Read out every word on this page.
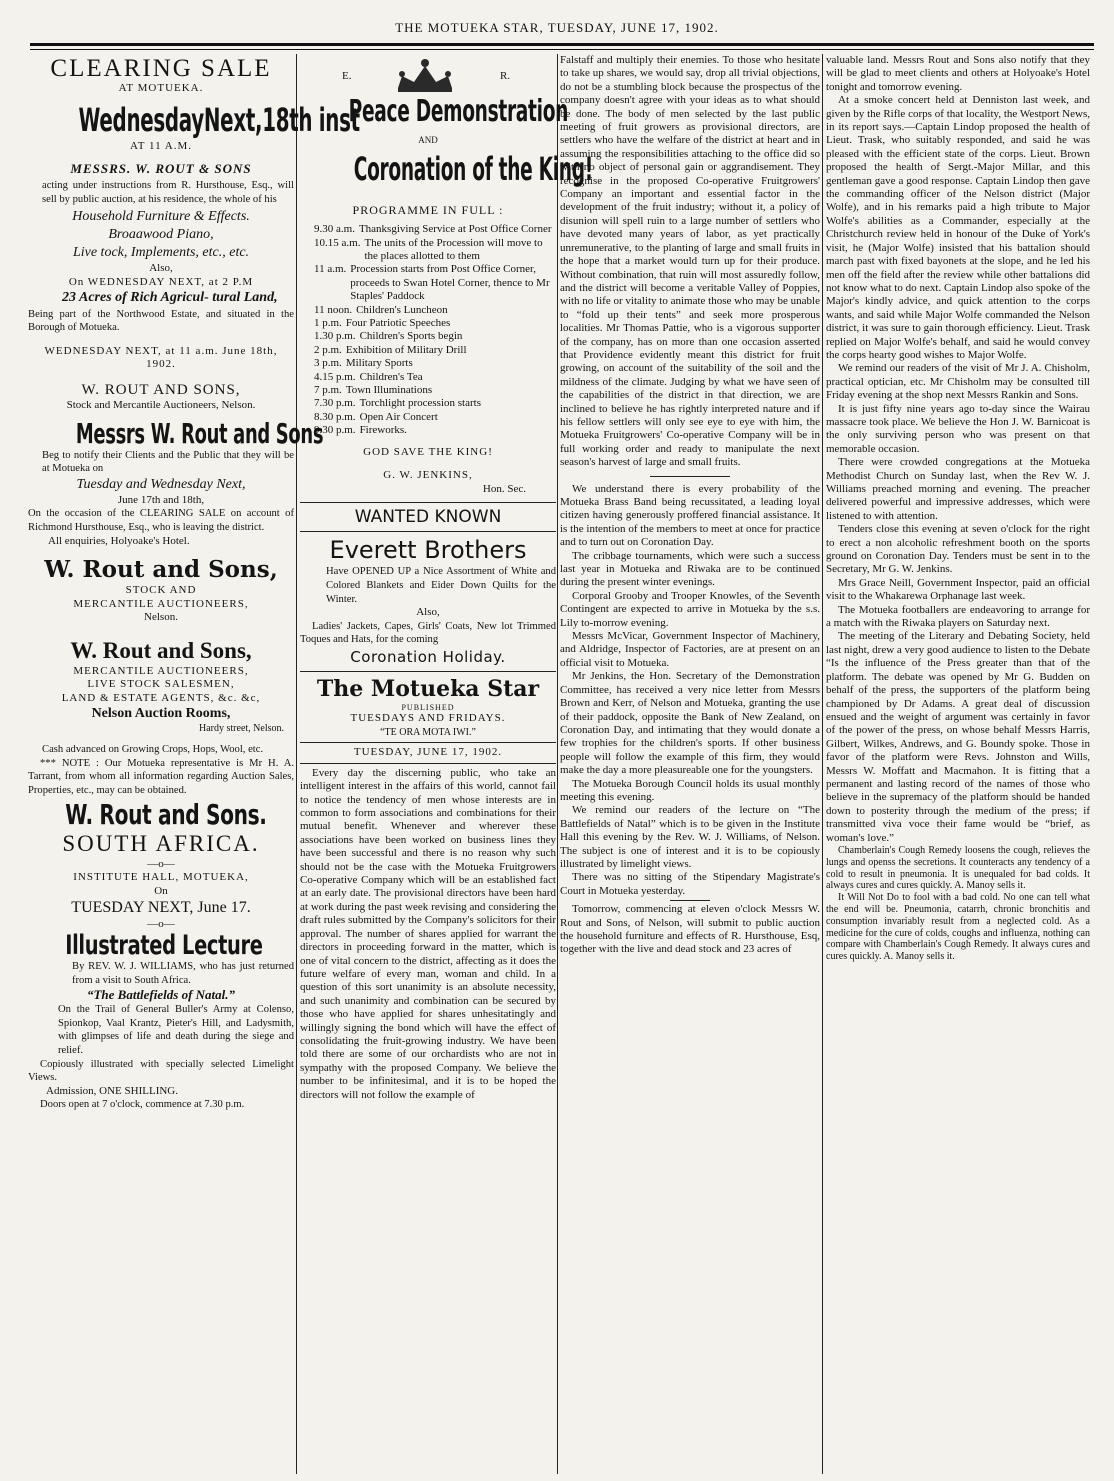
THE MOTUEKA STAR, TUESDAY, JUNE 17, 1902.
CLEARING SALE
AT MOTUEKA.
WednesdayNext,18th inst
AT 11 A.M.
MESSRS. W. ROUT & SONS
acting under instructions from R. Hursthouse, Esq., will sell by public auction, at his residence, the whole of his
Household Furniture & Effects.
Broaawood Piano,
Live tock, Implements, etc., etc.
Also,
On WEDNESDAY NEXT, at 2 P.M
23 Acres of Rich Agricul- tural Land,
Being part of the Northwood Estate, and situated in the Borough of Motueka.
WEDNESDAY NEXT, at 11 a.m. June 18th, 1902.
W. ROUT AND SONS,
Stock and Mercantile Auctioneers, Nelson.
Messrs W. Rout and Sons
Beg to notify their Clients and the Public that they will be at Motueka on
Tuesday and Wednesday Next,
June 17th and 18th,
On the occasion of the CLEARING SALE on account of Richmond Hursthouse, Esq., who is leaving the district.
All enquiries, Holyoake's Hotel.
W. Rout and Sons,
STOCK AND
MERCANTILE AUCTIONEERS,
Nelson.
W. Rout and Sons,
MERCANTILE AUCTIONEERS,
LIVE STOCK SALESMEN,
LAND & ESTATE AGENTS, &c. &c,
Nelson Auction Rooms,
Hardy street, Nelson.
Cash advanced on Growing Crops, Hops, Wool, etc.
*** NOTE : Our Motueka representative is Mr H. A. Tarrant, from whom all information regarding Auction Sales, Properties, etc., may can be obtained.
W. Rout and Sons.
SOUTH AFRICA.
—o—
INSTITUTE HALL, MOTUEKA,
On
TUESDAY NEXT, June 17.
—o—
Illustrated Lecture
By REV. W. J. WILLIAMS, who has just returned from a visit to South Africa.
“The Battlefields of Natal.”
On the Trail of General Buller's Army at Colenso, Spionkop, Vaal Krantz, Pieter's Hill, and Ladysmith, with glimpses of life and death during the siege and relief.
Copiously illustrated with specially selected Limelight Views.
Admission, ONE SHILLING.
Doors open at 7 o'clock, commence at 7.30 p.m.
E.	R.
Peace Demonstration
AND
Coronation of the King!
PROGRAMME IN FULL :
9.30 a.m. Thanksgiving Service at Post Office Corner
10.15 a.m. The units of the Procession will move to the places allotted to them
11 a.m. Procession starts from Post Office Corner, proceeds to Swan Hotel Corner, thence to Mr Staples' Paddock
11 noon. Children's Luncheon
1 p.m. Four Patriotic Speeches
1.30 p.m. Children's Sports begin
2 p.m. Exhibition of Military Drill
3 p.m. Military Sports
4.15 p.m. Children's Tea
7 p.m. Town Illuminations
7.30 p.m. Torchlight procession starts
8.30 p.m. Open Air Concert
9.30 p.m. Fireworks.
GOD SAVE THE KING!
G. W. JENKINS,
Hon. Sec.
WANTED KNOWN
Everett Brothers
Have OPENED UP a Nice Assortment of White and Colored Blankets and Eider Down Quilts for the Winter.
Also,
Ladies' Jackets, Capes, Girls' Coats, New lot Trimmed Toques and Hats, for the coming
Coronation Holiday.
The Motueka Star
PUBLISHED
TUESDAYS AND FRIDAYS.
“TE ORA MOTA IWI.”
TUESDAY, JUNE 17, 1902.

Every day the discerning public, who take an intelligent interest in the affairs of this world, cannot fail to notice the tendency of men whose interests are in common to form associations and combinations for their mutual benefit. Whenever and wherever these associations have been worked on business lines they have been successful and there is no reason why such should not be the case with the Motueka Fruitgrowers Co-operative Company which will be an established fact at an early date. The provisional directors have been hard at work during the past week revising and considering the draft rules submitted by the Company's solicitors for their approval. The number of shares applied for warrant the directors in proceeding forward in the matter, which is one of vital concern to the district, affecting as it does the future welfare of every man, woman and child. In a question of this sort unanimity is an absolute necessity, and such unanimity and combination can be secured by those who have applied for shares unhesitatingly and willingly signing the bond which will have the effect of consolidating the fruit-growing industry. We have been told there are some of our orchardists who are not in sympathy with the proposed Company. We believe the number to be infinitesimal, and it is to be hoped the directors will not follow the example of

Falstaff and multiply their enemies. To those who hesitate to take up shares, we would say, drop all trivial objections, do not be a stumbling block because the prospectus of the company doesn't agree with your ideas as to what should be done. The body of men selected by the last public meeting of fruit growers as provisional directors, are settlers who have the welfare of the district at heart and in assuming the responsibilities attaching to the office did so with no object of personal gain or aggrandisement. They recognise in the proposed Co-operative Fruitgrowers' Company an important and essential factor in the development of the fruit industry; without it, a policy of disunion will spell ruin to a large number of settlers who have devoted many years of labor, as yet practically unremunerative, to the planting of large and small fruits in the hope that a market would turn up for their produce. Without combination, that ruin will most assuredly follow, and the district will become a veritable Valley of Poppies, with no life or vitality to animate those who may be unable to “fold up their tents” and seek more prosperous localities. Mr Thomas Pattie, who is a vigorous supporter of the company, has on more than one occasion asserted that Providence evidently meant this district for fruit growing, on account of the suitability of the soil and the mildness of the climate. Judging by what we have seen of the capabilities of the district in that direction, we are inclined to believe he has rightly interpreted nature and if his fellow settlers will only see eye to eye with him, the Motueka Fruitgrowers' Co-operative Company will be in full working order and ready to manipulate the next season's harvest of large and small fruits.

We understand there is every probability of the Motueka Brass Band being recussitated, a leading loyal citizen having generously proffered financial assistance. It is the intention of the members to meet at once for practice and to turn out on Coronation Day.

The cribbage tournaments, which were such a success last year in Motueka and Riwaka are to be continued during the present winter evenings.

Corporal Grooby and Trooper Knowles, of the Seventh Contingent are expected to arrive in Motueka by the s.s. Lily to-morrow evening.

Messrs McVicar, Government Inspector of Machinery, and Aldridge, Inspector of Factories, are at present on an official visit to Motueka.

Mr Jenkins, the Hon. Secretary of the Demonstration Committee, has received a very nice letter from Messrs Brown and Kerr, of Nelson and Motueka, granting the use of their paddock, opposite the Bank of New Zealand, on Coronation Day, and intimating that they would donate a few trophies for the children's sports. If other business people will follow the example of this firm, they would make the day a more pleasureable one for the youngsters.

The Motueka Borough Council holds its usual monthly meeting this evening.

We remind our readers of the lecture on “The Battlefields of Natal” which is to be given in the Institute Hall this evening by the Rev. W. J. Williams, of Nelson. The subject is one of interest and it is to be copiously illustrated by limelight views.

There was no sitting of the Stipendary Magistrate's Court in Motueka yesterday.

Tomorrow, commencing at eleven o'clock Messrs W. Rout and Sons, of Nelson, will submit to public auction the household furniture and effects of R. Hursthouse, Esq, together with the live and dead stock and 23 acres of

valuable land. Messrs Rout and Sons also notify that they will be glad to meet clients and others at Holyoake's Hotel tonight and tomorrow evening.

At a smoke concert held at Denniston last week, and given by the Rifle corps of that locality, the Westport News, in its report says.—Captain Lindop proposed the health of Lieut. Trask, who suitably responded, and said he was pleased with the efficient state of the corps. Lieut. Brown proposed the health of Sergt.-Major Millar, and this gentleman gave a good response. Captain Lindop then gave the commanding officer of the Nelson district (Major Wolfe), and in his remarks paid a high tribute to Major Wolfe's abilities as a Commander, especially at the Christchurch review held in honour of the Duke of York's visit, he (Major Wolfe) insisted that his battalion should march past with fixed bayonets at the slope, and he led his men off the field after the review while other battalions did not know what to do next. Captain Lindop also spoke of the Major's kindly advice, and quick attention to the corps wants, and said while Major Wolfe commanded the Nelson district, it was sure to gain thorough efficiency. Lieut. Trask replied on Major Wolfe's behalf, and said he would convey the corps hearty good wishes to Major Wolfe.

We remind our readers of the visit of Mr J. A. Chisholm, practical optician, etc. Mr Chisholm may be consulted till Friday evening at the shop next Messrs Rankin and Sons.

It is just fifty nine years ago to-day since the Wairau massacre took place. We believe the Hon J. W. Barnicoat is the only surviving person who was present on that memorable occasion.

There were crowded congregations at the Motueka Methodist Church on Sunday last, when the Rev W. J. Williams preached morning and evening. The preacher delivered powerful and impressive addresses, which were listened to with attention.

Tenders close this evening at seven o'clock for the right to erect a non alcoholic refreshment booth on the sports ground on Coronation Day. Tenders must be sent in to the Secretary, Mr G. W. Jenkins.

Mrs Grace Neill, Government Inspector, paid an official visit to the Whakarewa Orphanage last week.

The Motueka footballers are endeavoring to arrange for a match with the Riwaka players on Saturday next.

The meeting of the Literary and Debating Society, held last night, drew a very good audience to listen to the Debate “Is the influence of the Press greater than that of the platform. The debate was opened by Mr G. Budden on behalf of the press, the supporters of the platform being championed by Dr Adams. A great deal of discussion ensued and the weight of argument was certainly in favor of the power of the press, on whose behalf Messrs Harris, Gilbert, Wilkes, Andrews, and G. Boundy spoke. Those in favor of the platform were Revs. Johnston and Wills, Messrs W. Moffatt and Macmahon. It is fitting that a permanent and lasting record of the names of those who believe in the supremacy of the platform should be handed down to posterity through the medium of the press; if transmitted viva voce their fame would be “brief, as woman's love.”

Chamberlain's Cough Remedy loosens the cough, relieves the lungs and openss the secretions. It counteracts any tendency of a cold to result in pneumonia. It is unequaled for bad colds. It always cures and cures quickly. A. Manoy sells it.

It Will Not Do to fool with a bad cold. No one can tell what the end will be. Pneumonia, catarrh, chronic bronchitis and consumption invariably result from a neglected cold. As a medicine for the cure of colds, coughs and influenza, nothing can compare with Chamberlain's Cough Remedy. It always cures and cures quickly. A. Manoy sells it.
